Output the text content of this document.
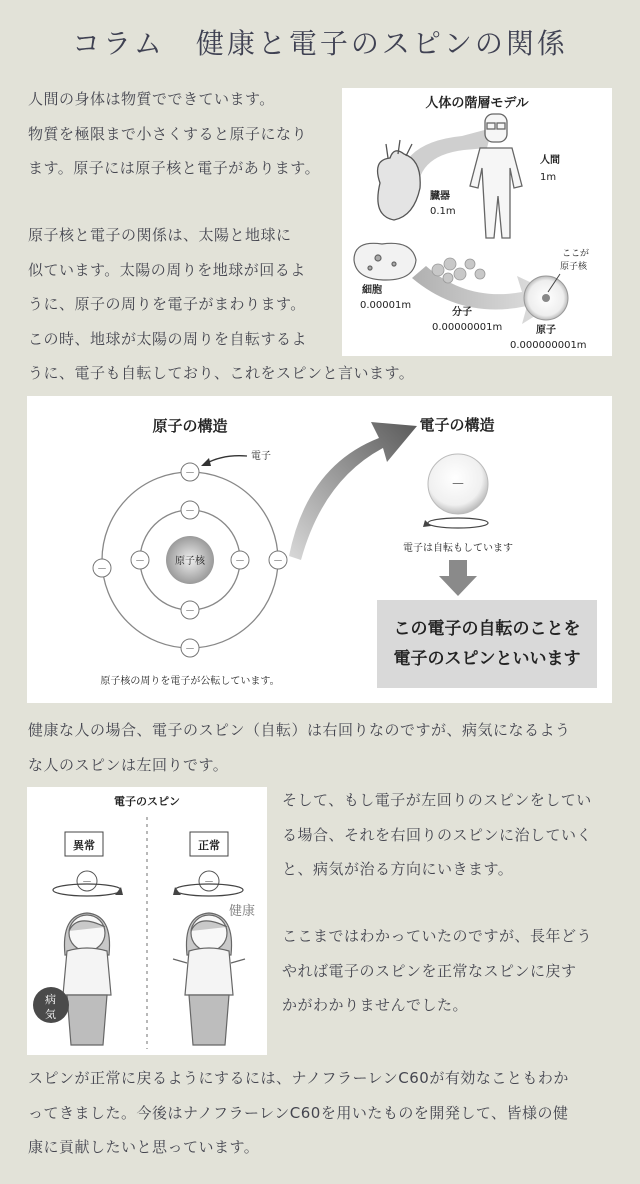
コラム　健康と電子のスピンの関係

人間の身体は物質でできています。

物質を極限まで小さくすると原子になり

ます。原子には原子核と電子があります。

原子核と電子の関係は、太陽と地球に

似ています。太陽の周りを地球が回るよ

うに、原子の周りを電子がまわります。

この時、地球が太陽の周りを自転するよ

うに、電子も自転しており、これをスピンと言います。

人体の階層モデル
人間
1m
臓器
0.1m
細胞
0.00001m
分子
0.00000001m
ここが
原子核
原子
0.000000001m
原子の構造
原子核
－
－
－	－
－
－
－
－
電子
原子核の周りを電子が公転しています。
電子の構造
－
電子は自転もしています

この電子の自転のことを

電子のスピンといいます

健康な人の場合、電子のスピン（自転）は右回りなのですが、病気になるよう

な人のスピンは左回りです。

電子のスピン
異常	正常
－	－
病
気
健康

そして、もし電子が左回りのスピンをしてい

る場合、それを右回りのスピンに治していく

と、病気が治る方向にいきます。

ここまではわかっていたのですが、長年どう

やれば電子のスピンを正常なスピンに戻す

かがわかりませんでした。

スピンが正常に戻るようにするには、ナノフラーレンC60が有効なこともわか

ってきました。今後はナノフラーレンC60を用いたものを開発して、皆様の健

康に貢献したいと思っています。
